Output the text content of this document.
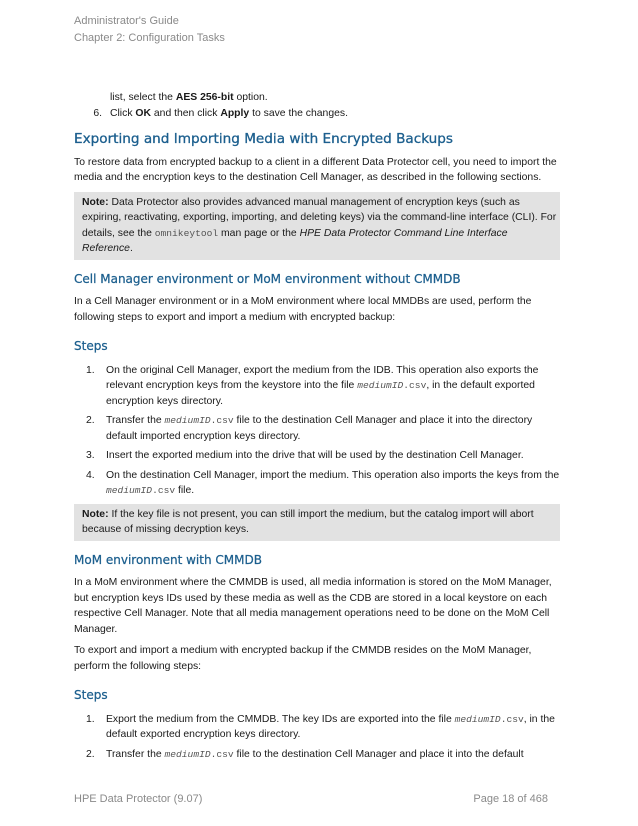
Administrator's Guide
Chapter 2: Configuration Tasks
list, select the AES 256-bit option.
6. Click OK and then click Apply to save the changes.
Exporting and Importing Media with Encrypted Backups
To restore data from encrypted backup to a client in a different Data Protector cell, you need to import the media and the encryption keys to the destination Cell Manager, as described in the following sections.
Note: Data Protector also provides advanced manual management of encryption keys (such as expiring, reactivating, exporting, importing, and deleting keys) via the command-line interface (CLI). For details, see the omnikeytool man page or the HPE Data Protector Command Line Interface Reference.
Cell Manager environment or MoM environment without CMMDB
In a Cell Manager environment or in a MoM environment where local MMDBs are used, perform the following steps to export and import a medium with encrypted backup:
Steps
1. On the original Cell Manager, export the medium from the IDB. This operation also exports the relevant encryption keys from the keystore into the file mediumID.csv, in the default exported encryption keys directory.
2. Transfer the mediumID.csv file to the destination Cell Manager and place it into the directory default imported encryption keys directory.
3. Insert the exported medium into the drive that will be used by the destination Cell Manager.
4. On the destination Cell Manager, import the medium. This operation also imports the keys from the mediumID.csv file.
Note: If the key file is not present, you can still import the medium, but the catalog import will abort because of missing decryption keys.
MoM environment with CMMDB
In a MoM environment where the CMMDB is used, all media information is stored on the MoM Manager, but encryption keys IDs used by these media as well as the CDB are stored in a local keystore on each respective Cell Manager. Note that all media management operations need to be done on the MoM Cell Manager.
To export and import a medium with encrypted backup if the CMMDB resides on the MoM Manager, perform the following steps:
Steps
1. Export the medium from the CMMDB. The key IDs are exported into the file mediumID.csv, in the default exported encryption keys directory.
2. Transfer the mediumID.csv file to the destination Cell Manager and place it into the default
HPE Data Protector (9.07)	Page 18 of 468
